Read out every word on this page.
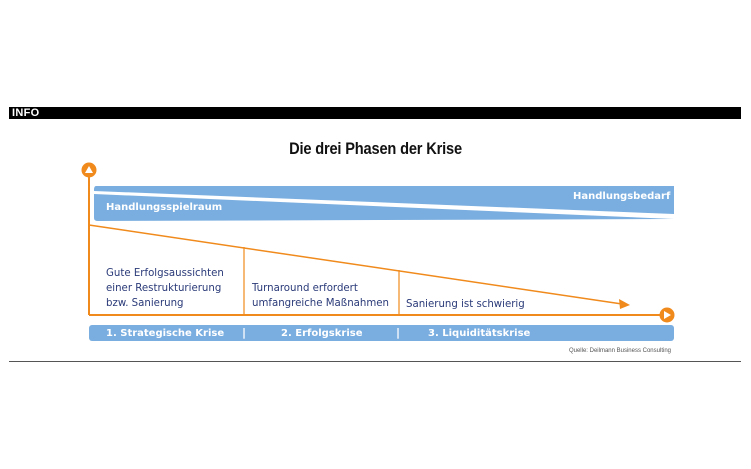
INFO
Die drei Phasen der Krise
Handlungsspielraum
Handlungsbedarf
Gute Erfolgsaussichten
einer Restrukturierung
bzw. Sanierung
Turnaround erfordert
umfangreiche Maßnahmen Sanierung ist schwierig
1. Strategische Krise |	2. Erfolgskrise	|	3. Liquiditätskrise
Quelle: Deilmann Business Consulting
